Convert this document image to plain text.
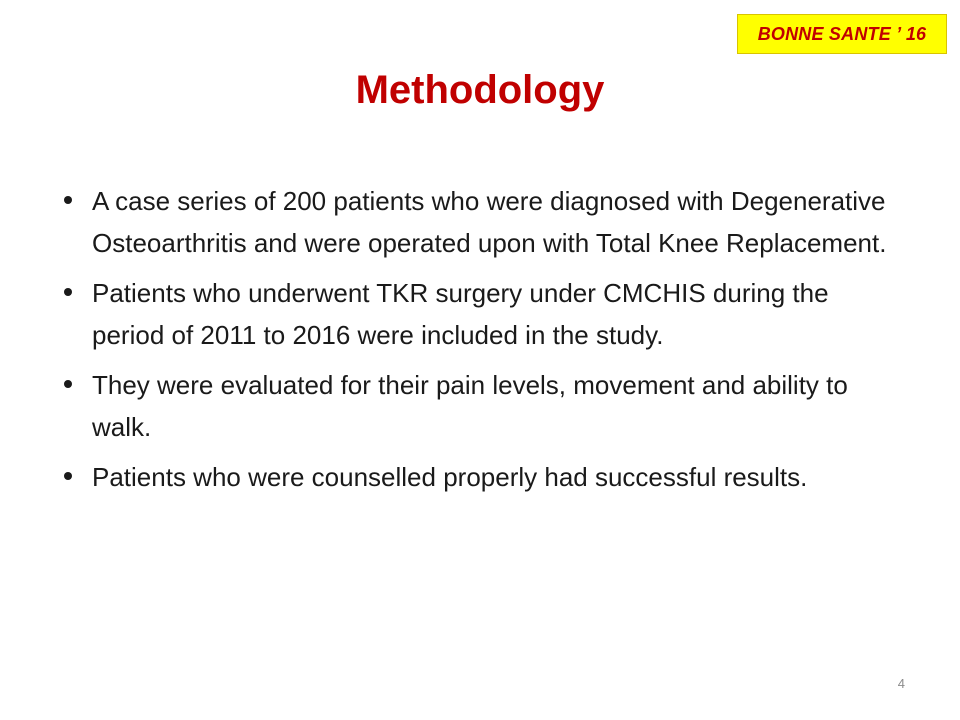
BONNE SANTE ’ 16
Methodology
A case series of 200 patients who were diagnosed with Degenerative Osteoarthritis and were operated upon with Total Knee Replacement.
Patients who underwent TKR surgery under CMCHIS during the period of 2011 to 2016 were included in the study.
They were evaluated for their pain levels, movement and ability to walk.
Patients who were counselled properly had successful results.
4
